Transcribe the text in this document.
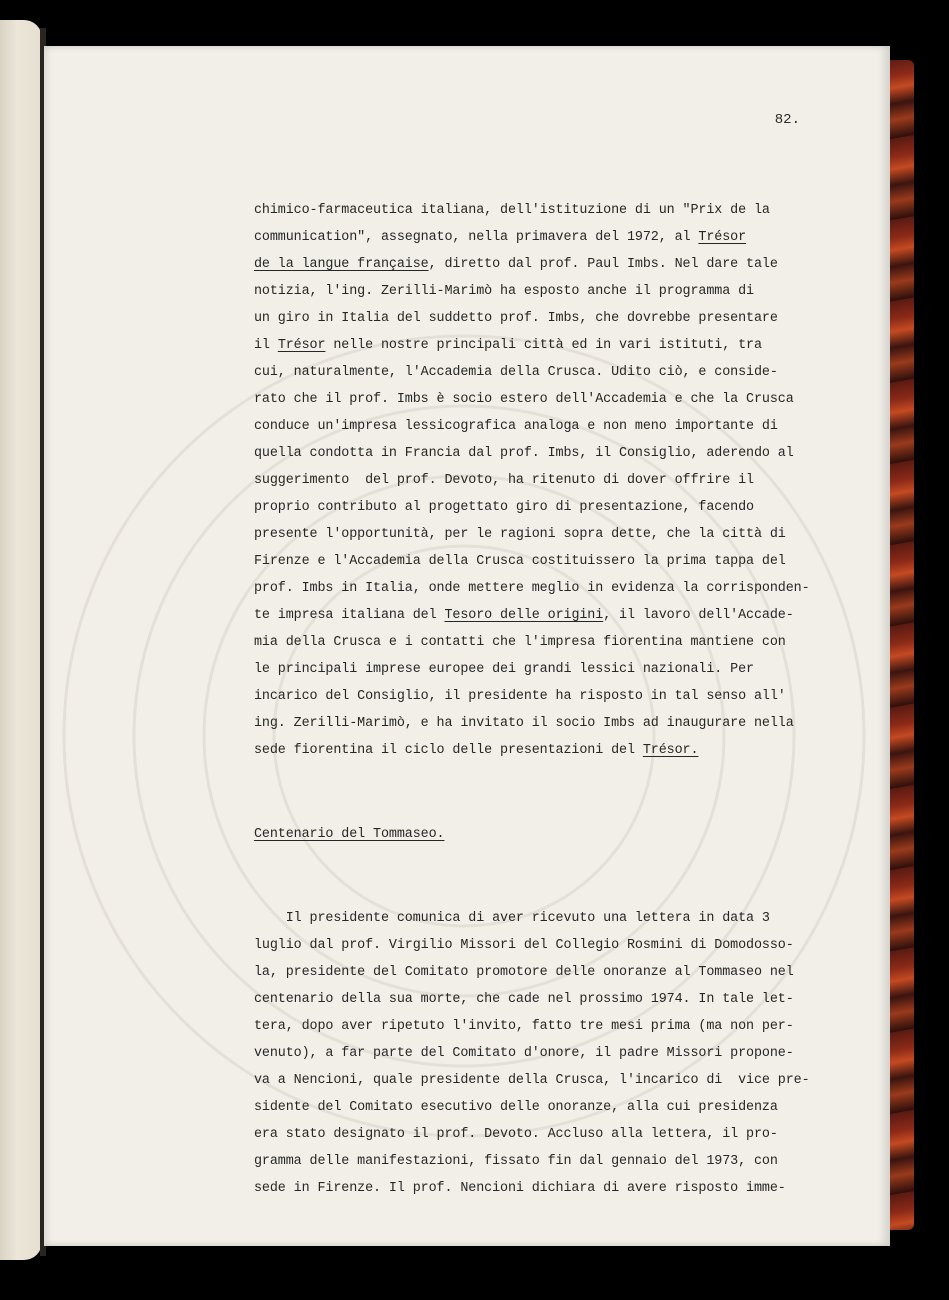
82.

chimico-farmaceutica italiana, dell'istituzione di un "Prix de la
communication", assegnato, nella primavera del 1972, al Trésor
de la langue française, diretto dal prof. Paul Imbs. Nel dare tale
notizia, l'ing. Zerilli-Marimò ha esposto anche il programma di
un giro in Italia del suddetto prof. Imbs, che dovrebbe presentare
il Trésor nelle nostre principali città ed in vari istituti, tra
cui, naturalmente, l'Accademia della Crusca. Udito ciò, e conside-
rato che il prof. Imbs è socio estero dell'Accademia e che la Crusca
conduce un'impresa lessicografica analoga e non meno importante di
quella condotta in Francia dal prof. Imbs, il Consiglio, aderendo al
suggerimento  del prof. Devoto, ha ritenuto di dover offrire il
proprio contributo al progettato giro di presentazione, facendo
presente l'opportunità, per le ragioni sopra dette, che la città di
Firenze e l'Accademia della Crusca costituissero la prima tappa del
prof. Imbs in Italia, onde mettere meglio in evidenza la corrisponden-
te impresa italiana del Tesoro delle origini, il lavoro dell'Accade-
mia della Crusca e i contatti che l'impresa fiorentina mantiene con
le principali imprese europee dei grandi lessici nazionali. Per
incarico del Consiglio, il presidente ha risposto in tal senso all'
ing. Zerilli-Marimò, e ha invitato il socio Imbs ad inaugurare nella
sede fiorentina il ciclo delle presentazioni del Trésor.

Centenario del Tommaseo.

Il presidente comunica di aver ricevuto una lettera in data 3
luglio dal prof. Virgilio Missori del Collegio Rosmini di Domodosso-
la, presidente del Comitato promotore delle onoranze al Tommaseo nel
centenario della sua morte, che cade nel prossimo 1974. In tale let-
tera, dopo aver ripetuto l'invito, fatto tre mesi prima (ma non per-
venuto), a far parte del Comitato d'onore, il padre Missori propone-
va a Nencioni, quale presidente della Crusca, l'incarico di  vice pre-
sidente del Comitato esecutivo delle onoranze, alla cui presidenza
era stato designato il prof. Devoto. Accluso alla lettera, il pro-
gramma delle manifestazioni, fissato fin dal gennaio del 1973, con
sede in Firenze. Il prof. Nencioni dichiara di avere risposto imme-
